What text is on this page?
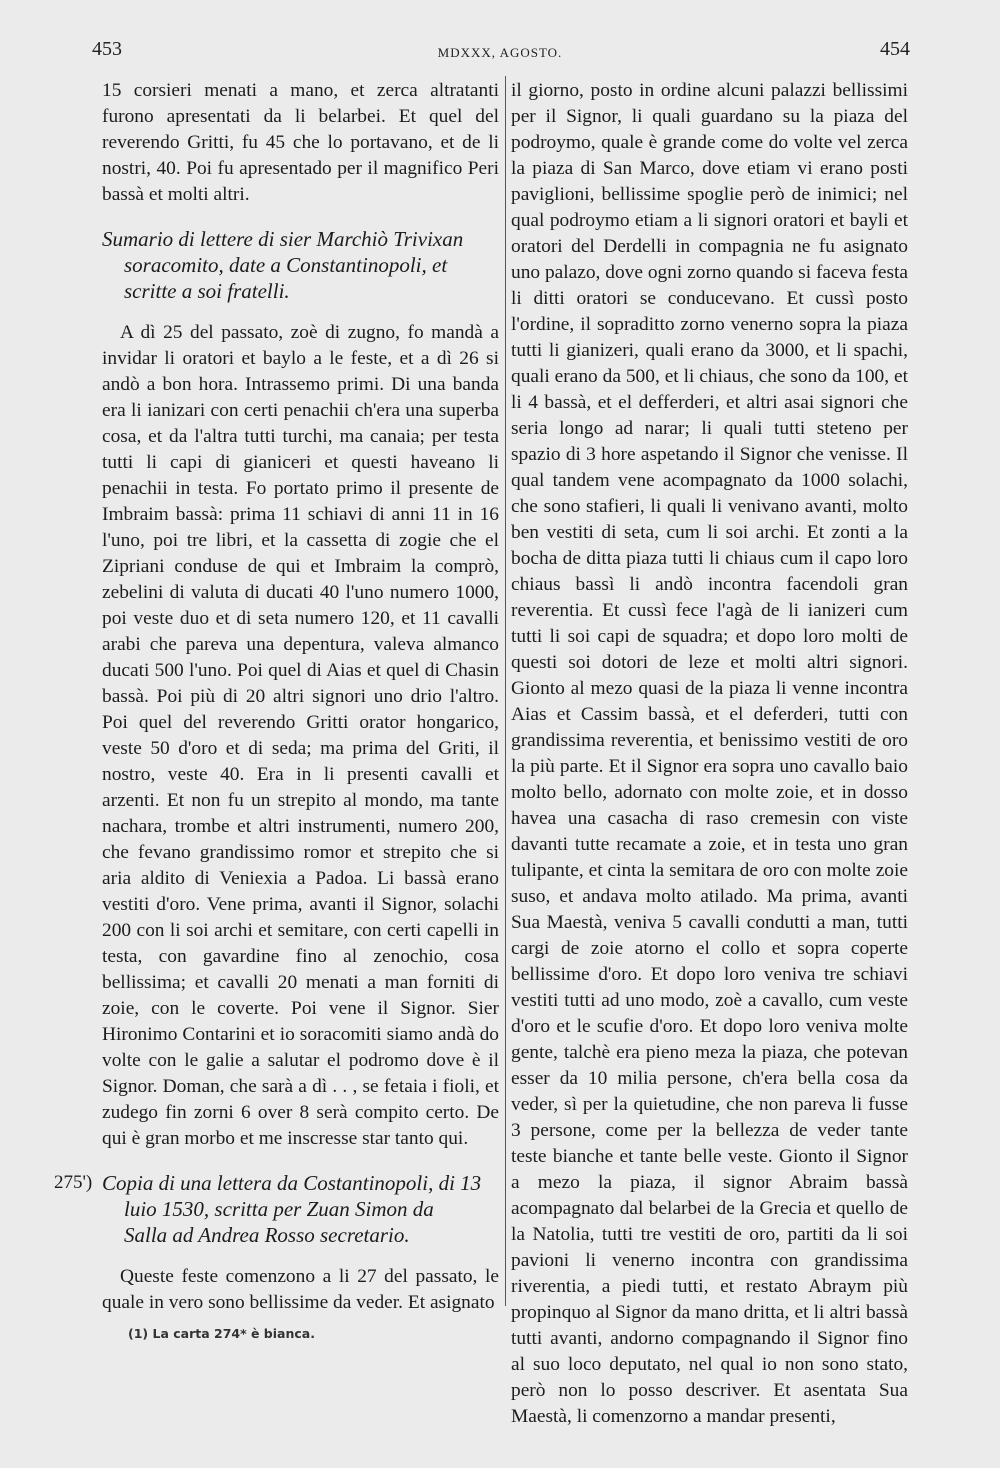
453	MDXXX, AGOSTO.	454

15 corsieri menati a mano, et zerca altratanti furono apresentati da li belarbei. Et quel del reverendo Gritti, fu 45 che lo portavano, et de li nostri, 40. Poi fu apresentado per il magnifico Peri bassà et molti altri.

Sumario di lettere di sier Marchiò Trivixan
soracomito, date a Constantinopoli, et
scritte a soi fratelli.

A dì 25 del passato, zoè di zugno, fo mandà a invidar li oratori et baylo a le feste, et a dì 26 si andò a bon hora. Intrassemo primi. Di una banda era li ianizari con certi penachii ch'era una superba cosa, et da l'altra tutti turchi, ma canaia; per testa tutti li capi di gianiceri et questi haveano li penachii in testa. Fo portato primo il presente de Imbraim bassà: prima 11 schiavi di anni 11 in 16 l'uno, poi tre libri, et la cassetta di zogie che el Zipriani conduse de qui et Imbraim la comprò, zebelini di valuta di ducati 40 l'uno numero 1000, poi veste duo et di seta numero 120, et 11 cavalli arabi che pareva una depentura, valeva almanco ducati 500 l'uno. Poi quel di Aias et quel di Chasin bassà. Poi più di 20 altri signori uno drio l'altro. Poi quel del reverendo Gritti orator hongarico, veste 50 d'oro et di seda; ma prima del Griti, il nostro, veste 40. Era in li presenti cavalli et arzenti. Et non fu un strepito al mondo, ma tante nachara, trombe et altri instrumenti, numero 200, che fevano grandissimo romor et strepito che si aria aldito di Veniexia a Padoa. Li bassà erano vestiti d'oro. Vene prima, avanti il Signor, solachi 200 con li soi archi et semitare, con certi capelli in testa, con gavardine fino al zenochio, cosa bellissima; et cavalli 20 menati a man forniti di zoie, con le coverte. Poi vene il Signor. Sier Hironimo Contarini et io soracomiti siamo andà do volte con le galie a salutar el podromo dove è il Signor. Doman, che sarà a dì . . , se fetaia i fioli, et zudego fin zorni 6 over 8 serà compito certo. De qui è gran morbo et me inscresse star tanto qui.

275') Copia di una lettera da Costantinopoli, di 13
luio 1530, scritta per Zuan Simon da
Salla ad Andrea Rosso secretario.

Queste feste comenzono a li 27 del passato, le quale in vero sono bellissime da veder. Et asignato

il giorno, posto in ordine alcuni palazzi bellissimi per il Signor, li quali guardano su la piaza del podroymo, quale è grande come do volte vel zerca la piaza di San Marco, dove etiam vi erano posti paviglioni, bellissime spoglie però de inimici; nel qual podroymo etiam a li signori oratori et bayli et oratori del Derdelli in compagnia ne fu asignato uno palazo, dove ogni zorno quando si faceva festa li ditti oratori se conducevano. Et cussì posto l'ordine, il sopraditto zorno venerno sopra la piaza tutti li gianizeri, quali erano da 3000, et li spachi, quali erano da 500, et li chiaus, che sono da 100, et li 4 bassà, et el defferderi, et altri asai signori che seria longo ad narar; li quali tutti steteno per spazio di 3 hore aspetando il Signor che venisse. Il qual tandem vene acompagnato da 1000 solachi, che sono stafieri, li quali li venivano avanti, molto ben vestiti di seta, cum li soi archi. Et zonti a la bocha de ditta piaza tutti li chiaus cum il capo loro chiaus bassì li andò incontra facendoli gran reverentia. Et cussì fece l'agà de li ianizeri cum tutti li soi capi de squadra; et dopo loro molti de questi soi dotori de leze et molti altri signori. Gionto al mezo quasi de la piaza li venne incontra Aias et Cassim bassà, et el deferderi, tutti con grandissima reverentia, et benissimo vestiti de oro la più parte. Et il Signor era sopra uno cavallo baio molto bello, adornato con molte zoie, et in dosso havea una casacha di raso cremesin con viste davanti tutte recamate a zoie, et in testa uno gran tulipante, et cinta la semitara de oro con molte zoie suso, et andava molto atilado. Ma prima, avanti Sua Maestà, veniva 5 cavalli condutti a man, tutti cargi de zoie atorno el collo et sopra coperte bellissime d'oro. Et dopo loro veniva tre schiavi vestiti tutti ad uno modo, zoè a cavallo, cum veste d'oro et le scufie d'oro. Et dopo loro veniva molte gente, talchè era pieno meza la piaza, che potevan esser da 10 milia persone, ch'era bella cosa da veder, sì per la quietudine, che non pareva li fusse 3 persone, come per la bellezza de veder tante teste bianche et tante belle veste. Gionto il Signor a mezo la piaza, il signor Abraim bassà acompagnato dal belarbei de la Grecia et quello de la Natolia, tutti tre vestiti de oro, partiti da li soi pavioni li venerno incontra con grandissima riverentia, a piedi tutti, et restato Abraym più propinquo al Signor da mano dritta, et li altri bassà tutti avanti, andorno compagnando il Signor fino al suo loco deputato, nel qual io non sono stato, però non lo posso descriver. Et asentata Sua Maestà, li comenzorno a mandar presenti,

(1) La carta 274* è bianca.
